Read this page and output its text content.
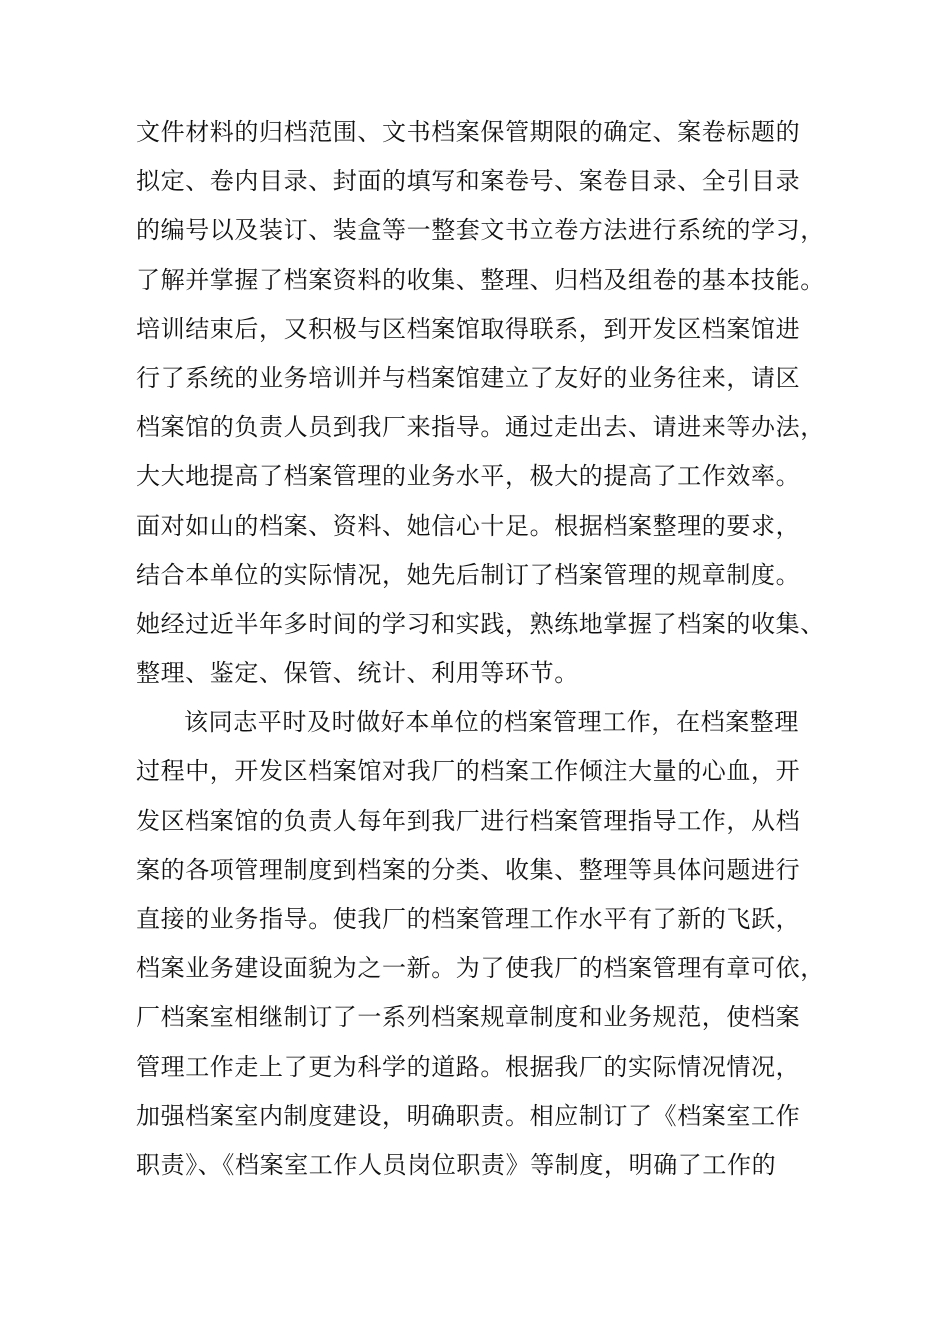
文件材料的归档范围、文书档案保管期限的确定、案卷标题的
拟定、卷内目录、封面的填写和案卷号、案卷目录、全引目录
的编号以及装订、装盒等一整套文书立卷方法进行系统的学习，
了解并掌握了档案资料的收集、整理、归档及组卷的基本技能。
培训结束后，又积极与区档案馆取得联系，到开发区档案馆进
行了系统的业务培训并与档案馆建立了友好的业务往来，请区
档案馆的负责人员到我厂来指导。通过走出去、请进来等办法，
大大地提高了档案管理的业务水平，极大的提高了工作效率。
面对如山的档案、资料、她信心十足。根据档案整理的要求，
结合本单位的实际情况，她先后制订了档案管理的规章制度。
她经过近半年多时间的学习和实践，熟练地掌握了档案的收集、
整理、鉴定、保管、统计、利用等环节。
该同志平时及时做好本单位的档案管理工作，在档案整理
过程中，开发区档案馆对我厂的档案工作倾注大量的心血，开
发区档案馆的负责人每年到我厂进行档案管理指导工作，从档
案的各项管理制度到档案的分类、收集、整理等具体问题进行
直接的业务指导。使我厂的档案管理工作水平有了新的飞跃，
档案业务建设面貌为之一新。为了使我厂的档案管理有章可依，
厂档案室相继制订了一系列档案规章制度和业务规范，使档案
管理工作走上了更为科学的道路。根据我厂的实际情况情况，
加强档案室内制度建设，明确职责。相应制订了《档案室工作
职责》、《档案室工作人员岗位职责》等制度，明确了工作的
